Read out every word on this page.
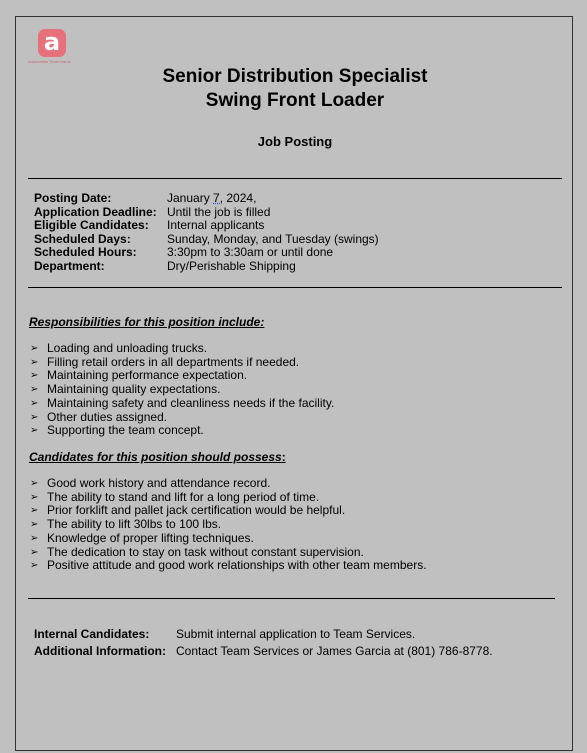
a
Automation Team Name
Senior Distribution Specialist
Swing Front Loader
Job Posting
Posting Date:	January 7, 2024,
Application Deadline: Until the job is filled
Eligible Candidates:	Internal applicants
Scheduled Days:	Sunday, Monday, and Tuesday (swings)
Scheduled Hours:	3:30pm to 3:30am or until done
Department:	Dry/Perishable Shipping
Responsibilities for this position include:
➢ Loading and unloading trucks.
➢ Filling retail orders in all departments if needed.
➢ Maintaining performance expectation.
➢ Maintaining quality expectations.
➢ Maintaining safety and cleanliness needs if the facility.
➢ Other duties assigned.
➢ Supporting the team concept.
Candidates for this position should possess:
➢ Good work history and attendance record.
➢ The ability to stand and lift for a long period of time.
➢ Prior forklift and pallet jack certification would be helpful.
➢ The ability to lift 30lbs to 100 lbs.
➢ Knowledge of proper lifting techniques.
➢ The dedication to stay on task without constant supervision.
➢ Positive attitude and good work relationships with other team members.
Internal Candidates:	Submit internal application to Team Services.
Additional Information: Contact Team Services or James Garcia at (801) 786-8778.
